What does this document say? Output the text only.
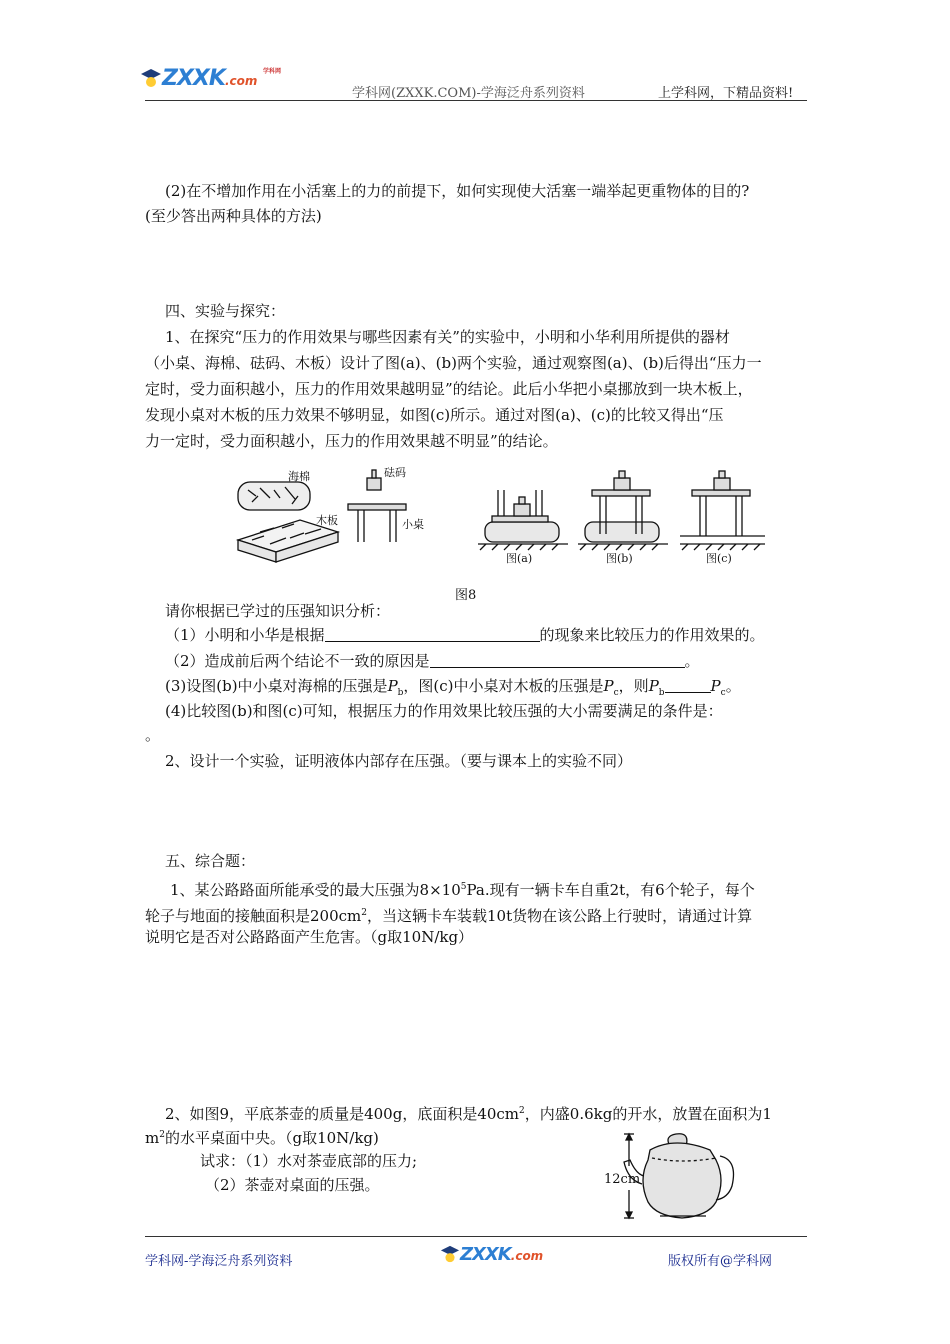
ZXXK.com $^{学科网}$
学科网(ZXXK.COM)-学海泛舟系列资料	上学科网，下精品资料!
(2)在不增加作用在小活塞上的力的前提下，如何实现使大活塞一端举起更重物体的目的?
(至少答出两种具体的方法)
四、实验与探究：
1、在探究“压力的作用效果与哪些因素有关”的实验中，小明和小华利用所提供的器材
（小桌、海棉、砝码、木板）设计了图(a)、(b)两个实验，通过观察图(a)、(b)后得出“压力一
定时，受力面积越小，压力的作用效果越明显”的结论。此后小华把小桌挪放到一块木板上，
发现小桌对木板的压力效果不够明显，如图(c)所示。通过对图(a)、(c)的比较又得出“压
力一定时，受力面积越小，压力的作用效果越不明显”的结论。
海棉	砝码
木板	小桌
图(a)	图(b)	图(c)
图8
请你根据已学过的压强知识分析：
（1）小明和小华是根据	的现象来比较压力的作用效果的。
（2）造成前后两个结论不一致的原因是	。
(3)设图(b)中小桌对海棉的压强是$P_b$，图(c)中小桌对木板的压强是$P_c$，则$P_b$	$P_c$。
(4)比较图(b)和图(c)可知，根据压力的作用效果比较压强的大小需要满足的条件是：
。
2、设计一个实验，证明液体内部存在压强。（要与课本上的实验不同）
五、综合题：
1、某公路路面所能承受的最大压强为$8\times 10^5Pa$.现有一辆卡车自重2t，有6个轮子，每个
轮子与地面的接触面积是$200cm^2$，当这辆卡车装载10t货物在该公路上行驶时，请通过计算
说明它是否对公路路面产生危害。（g取10N/kg）
2、如图9，平底茶壶的质量是400g，底面积是$40cm^2$，内盛0.6kg的开水，放置在面积为1
$m^2$的水平桌面中央。（g取10N/kg)
试求：（1）水对茶壶底部的压力;
（2）茶壶对桌面的压强。	12cm
学科网-学海泛舟系列资料	ZXXK.com	版权所有@学科网
